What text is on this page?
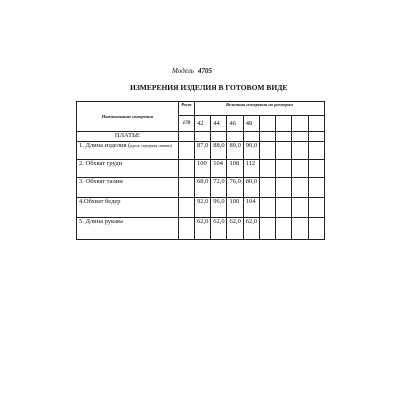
Модель 4705
ИЗМЕРЕНИЯ ИЗДЕЛИЯ В ГОТОВОМ ВИДЕ
Наименование измерения	Рост	Величина измерения по размерам							
	170	42	44	46	48				
ПЛАТЬЕ									
1. Длина изделия (вдоль середины спинки)		87,0	88,0	89,0	90,0				
2. Обхват груди		100	104	108	112				
3. Обхват талии		68,0	72,0	76,0	80,0				
4.Обхват бедер		92,0	96,0	100	104				
5. Длина рукава		62,0	62,0	62,0	62,0				
